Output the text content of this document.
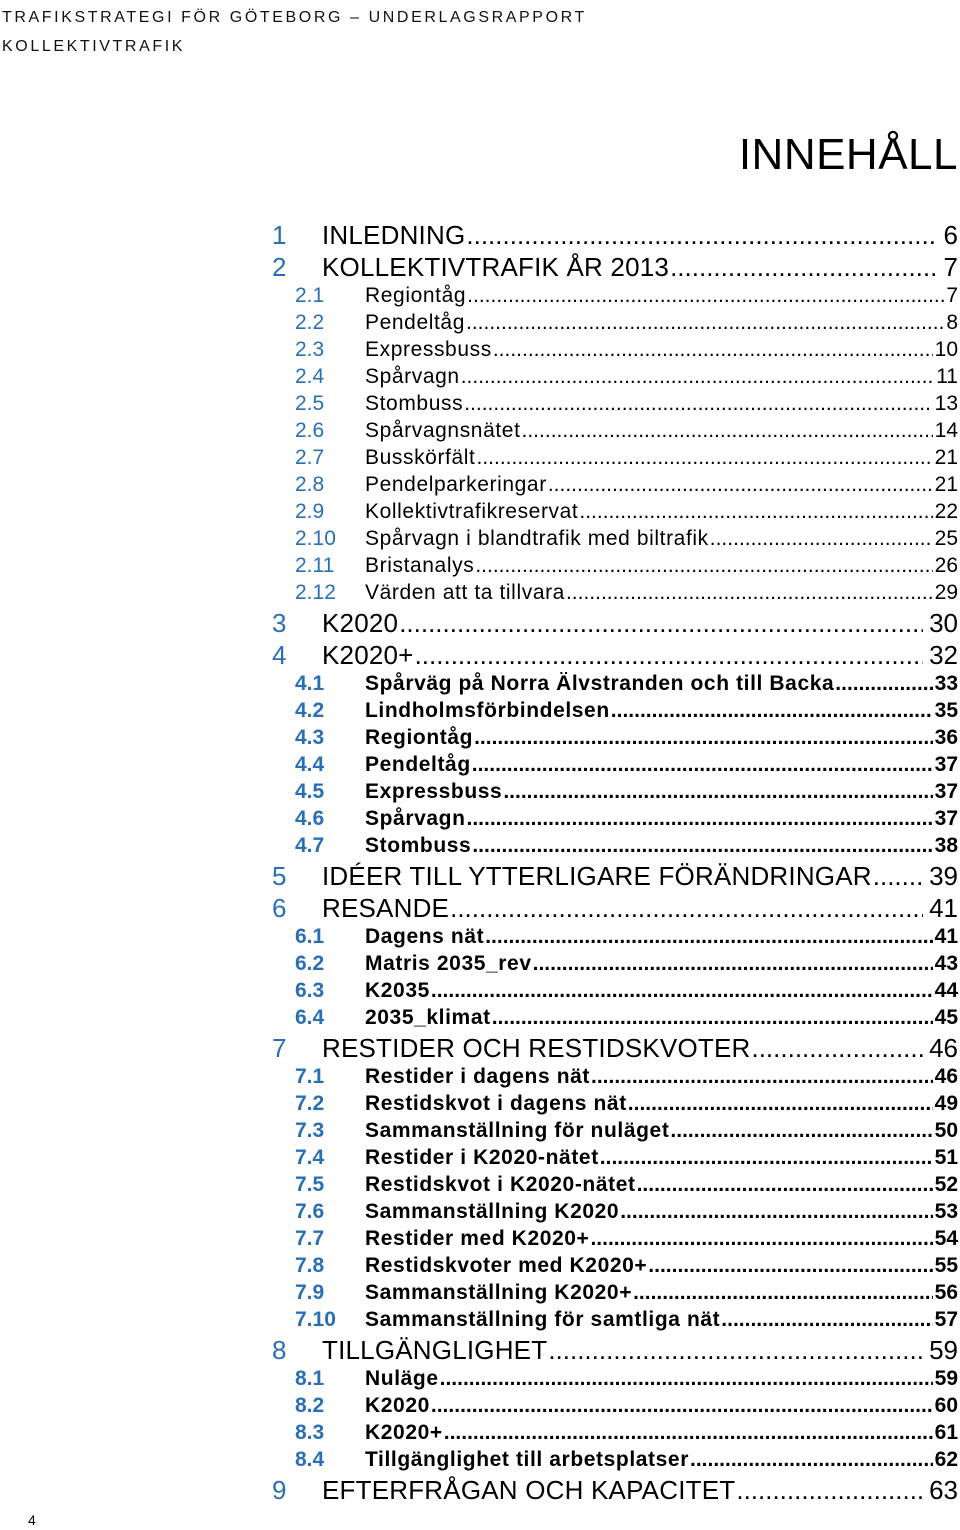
TRAFIKSTRATEGI FÖR GÖTEBORG – UNDERLAGSRAPPORT
KOLLEKTIVTRAFIK
INNEHÅLL
1	INLEDNING .....	6
2	KOLLEKTIVTRAFIK ÅR 2013 .....	7
2.1	Regiontåg .....	7
2.2	Pendeltåg .....	8
2.3	Expressbuss .....	10
2.4	Spårvagn .....	11
2.5	Stombuss .....	13
2.6	Spårvagnsnätet .....	14
2.7	Busskörfält .....	21
2.8	Pendelparkeringar .....	21
2.9	Kollektivtrafikreservat .....	22
2.10	Spårvagn i blandtrafik med biltrafik .....	25
2.11	Bristanalys .....	26
2.12	Värden att ta tillvara .....	29
3	K2020 .....	30
4	K2020+ .....	32
4.1	Spårväg på Norra Älvstranden och till Backa .....	33
4.2	Lindholmsförbindelsen .....	35
4.3	Regiontåg .....	36
4.4	Pendeltåg .....	37
4.5	Expressbuss .....	37
4.6	Spårvagn .....	37
4.7	Stombuss .....	38
5	IDÉER TILL YTTERLIGARE FÖRÄNDRINGAR ..... 39
6	RESANDE .....	41
6.1	Dagens nät .....	41
6.2	Matris 2035_rev .....	43
6.3	K2035 .....	44
6.4	2035_klimat .....	45
7	RESTIDER OCH RESTIDSKVOTER .....	46
7.1	Restider i dagens nät .....	46
7.2	Restidskvot i dagens nät .....	49
7.3	Sammanställning för nuläget .....	50
7.4	Restider i K2020-nätet .....	51
7.5	Restidskvot i K2020-nätet .....	52
7.6	Sammanställning K2020 .....	53
7.7	Restider med K2020+ .....	54
7.8	Restidskvoter med K2020+ .....	55
7.9	Sammanställning K2020+ .....	56
7.10	Sammanställning för samtliga nät .....	57
8	TILLGÄNGLIGHET .....	59
8.1	Nuläge .....	59
8.2	K2020 .....	60
8.3	K2020+ .....	61
8.4	Tillgänglighet till arbetsplatser .....	62
9	EFTERFRÅGAN OCH KAPACITET .....	63
4
